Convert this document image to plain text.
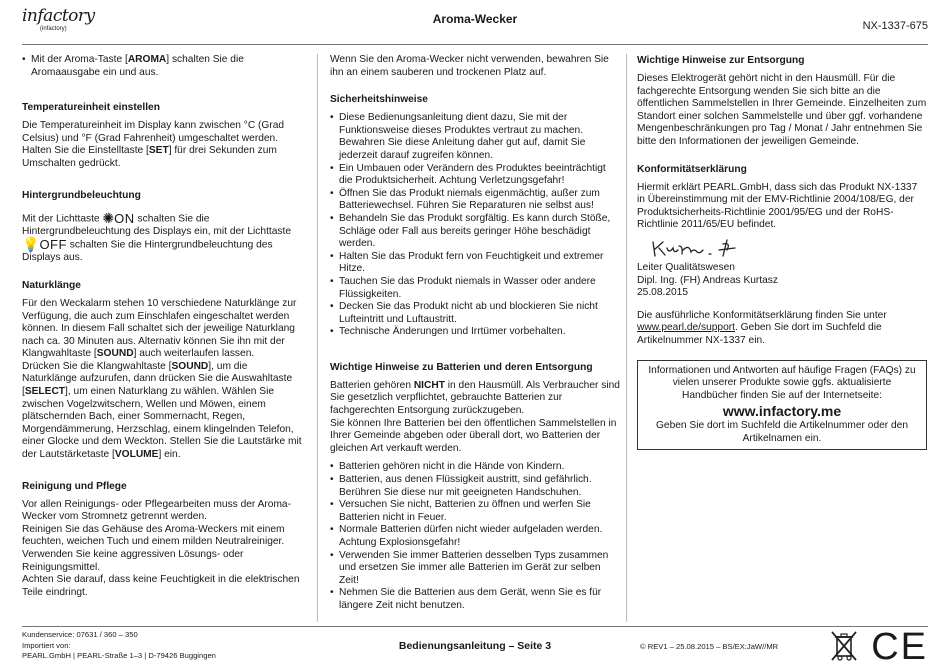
infactory
(infactory)
Aroma-Wecker	NX-1337-675
• Mit der Aroma-Taste [AROMA] schalten Sie die Aromaausgabe ein und aus.
Temperatureinheit einstellen

Die Temperatureinheit im Display kann zwischen °C (Grad Celsius) und °F (Grad Fahrenheit) umgeschaltet werden. Halten Sie die Einstelltaste [SET] für drei Sekunden zum Umschalten gedrückt.

Hintergrundbeleuchtung

Mit der Lichttaste ✺ON schalten Sie die Hintergrundbeleuchtung des Displays ein, mit der Lichttaste 💡OFF schalten Sie die Hintergrundbeleuchtung des Displays aus.

Naturklänge

Für den Weckalarm stehen 10 verschiedene Naturklänge zur Verfügung, die auch zum Einschlafen eingeschaltet werden können. In diesem Fall schaltet sich der jeweilige Naturklang nach ca. 30 Minuten aus. Alternativ können Sie ihn mit der Klangwahltaste [SOUND] auch weiterlaufen lassen.

Drücken Sie die Klangwahltaste [SOUND], um die Naturklänge aufzurufen, dann drücken Sie die Auswahltaste [SELECT], um einen Naturklang zu wählen. Wählen Sie zwischen Vogelzwitschern, Wellen und Möwen, einem plätschernden Bach, einer Sommernacht, Regen, Morgendämmerung, Herzschlag, einem klingelnden Telefon, einer Glocke und dem Weckton. Stellen Sie die Lautstärke mit der Lautstärketaste [VOLUME] ein.

Reinigung und Pflege

Vor allen Reinigungs- oder Pflegearbeiten muss der Aroma-Wecker vom Stromnetz getrennt werden.

Reinigen Sie das Gehäuse des Aroma-Weckers mit einem feuchten, weichen Tuch und einem milden Neutralreiniger.

Verwenden Sie keine aggressiven Lösungs- oder Reinigungsmittel.

Achten Sie darauf, dass keine Feuchtigkeit in die elektrischen Teile eindringt.

Wenn Sie den Aroma-Wecker nicht verwenden, bewahren Sie ihn an einem sauberen und trockenen Platz auf.

Sicherheitshinweise
• Diese Bedienungsanleitung dient dazu, Sie mit der Funktionsweise dieses Produktes vertraut zu machen. Bewahren Sie diese Anleitung daher gut auf, damit Sie jederzeit darauf zugreifen können.
• Ein Umbauen oder Verändern des Produktes beeinträchtigt die Produktsicherheit. Achtung Verletzungsgefahr!
• Öffnen Sie das Produkt niemals eigenmächtig, außer zum Batteriewechsel. Führen Sie Reparaturen nie selbst aus!
• Behandeln Sie das Produkt sorgfältig. Es kann durch Stöße, Schläge oder Fall aus bereits geringer Höhe beschädigt werden.
• Halten Sie das Produkt fern von Feuchtigkeit und extremer Hitze.
• Tauchen Sie das Produkt niemals in Wasser oder andere Flüssigkeiten.
• Decken Sie das Produkt nicht ab und blockieren Sie nicht Lufteintritt und Luftaustritt.
• Technische Änderungen und Irrtümer vorbehalten.
Wichtige Hinweise zu Batterien und deren Entsorgung

Batterien gehören NICHT in den Hausmüll. Als Verbraucher sind Sie gesetzlich verpflichtet, gebrauchte Batterien zur fachgerechten Entsorgung zurückzugeben.

Sie können Ihre Batterien bei den öffentlichen Sammelstellen in Ihrer Gemeinde abgeben oder überall dort, wo Batterien der gleichen Art verkauft werden.

• Batterien gehören nicht in die Hände von Kindern.
• Batterien, aus denen Flüssigkeit austritt, sind gefährlich. Berühren Sie diese nur mit geeigneten Handschuhen.
• Versuchen Sie nicht, Batterien zu öffnen und werfen Sie Batterien nicht in Feuer.
• Normale Batterien dürfen nicht wieder aufgeladen werden. Achtung Explosionsgefahr!
• Verwenden Sie immer Batterien desselben Typs zusammen und ersetzen Sie immer alle Batterien im Gerät zur selben Zeit!
• Nehmen Sie die Batterien aus dem Gerät, wenn Sie es für längere Zeit nicht benutzen.
Wichtige Hinweise zur Entsorgung

Dieses Elektrogerät gehört nicht in den Hausmüll. Für die fachgerechte Entsorgung wenden Sie sich bitte an die öffentlichen Sammelstellen in Ihrer Gemeinde. Einzelheiten zum Standort einer solchen Sammelstelle und über ggf. vorhandene Mengenbeschränkungen pro Tag / Monat / Jahr entnehmen Sie bitte den Informationen der jeweiligen Gemeinde.

Konformitätserklärung

Hiermit erklärt PEARL.GmbH, dass sich das Produkt NX-1337 in Übereinstimmung mit der EMV-Richtlinie 2004/108/EG, der Produktsicherheits-Richtlinie 2001/95/EG und der RoHS-Richtlinie 2011/65/EU befindet.

Leiter Qualitätswesen

Dipl. Ing. (FH) Andreas Kurtasz

25.08.2015

Die ausführliche Konformitätserklärung finden Sie unter www.pearl.de/support. Geben Sie dort im Suchfeld die Artikelnummer NX-1337 ein.

Informationen und Antworten auf häufige Fragen (FAQs) zu vielen unserer Produkte sowie ggfs. aktualisierte Handbücher finden Sie auf der Internetseite:

www.infactory.me

Geben Sie dort im Suchfeld die Artikelnummer oder den Artikelnamen ein.

Kundenservice: 07631 / 360 – 350
Importiert von:
PEARL.GmbH | PEARL-Straße 1–3 | D-79426 Buggingen
Bedienungsanleitung – Seite 3	© REV1 – 25.08.2015 – BS/EX:JaW//MR CE
